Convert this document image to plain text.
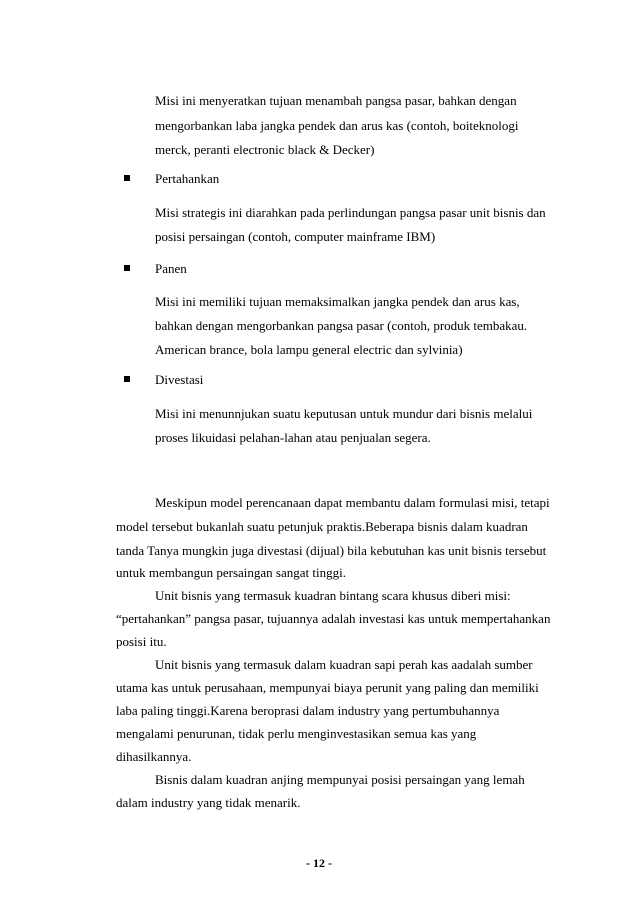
Misi ini menyeratkan tujuan menambah pangsa pasar, bahkan dengan
mengorbankan laba jangka pendek dan arus kas (contoh, boiteknologi
merck, peranti electronic black & Decker)
Pertahankan
Misi strategis ini diarahkan pada perlindungan pangsa pasar unit bisnis dan
posisi persaingan (contoh, computer mainframe IBM)
Panen
Misi ini memiliki tujuan memaksimalkan jangka pendek dan arus kas,
bahkan dengan mengorbankan pangsa pasar (contoh, produk tembakau.
American brance, bola lampu general electric dan sylvinia)
Divestasi
Misi ini menunnjukan suatu keputusan untuk mundur dari bisnis melalui
proses likuidasi pelahan-lahan atau penjualan segera.
Meskipun model perencanaan dapat membantu dalam formulasi misi, tetapi
model tersebut bukanlah suatu petunjuk praktis.Beberapa bisnis dalam kuadran
tanda Tanya mungkin juga divestasi (dijual) bila kebutuhan kas unit bisnis tersebut
untuk membangun persaingan sangat tinggi.
Unit bisnis yang termasuk kuadran bintang scara khusus diberi misi:
“pertahankan” pangsa pasar, tujuannya adalah investasi kas untuk mempertahankan
posisi itu.
Unit bisnis yang termasuk dalam kuadran sapi perah kas aadalah sumber
utama kas untuk perusahaan, mempunyai biaya perunit yang paling dan memiliki
laba paling tinggi.Karena beroprasi dalam industry yang pertumbuhannya
mengalami penurunan, tidak perlu menginvestasikan semua kas yang
dihasilkannya.
Bisnis dalam kuadran anjing mempunyai posisi persaingan yang lemah
dalam industry yang tidak menarik.
- 12 -
